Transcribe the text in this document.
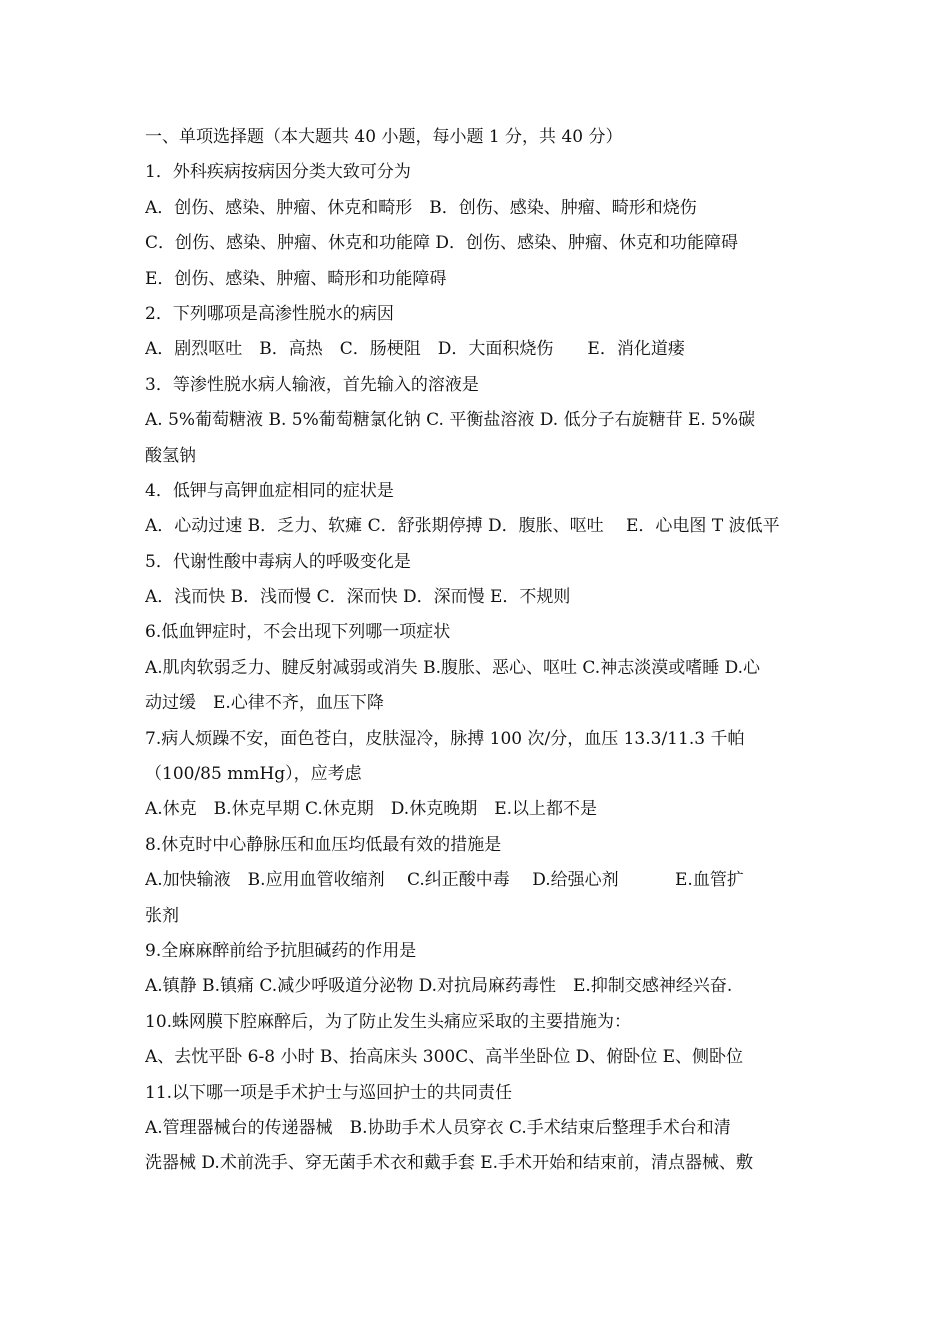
一、单项选择题（本大题共 40 小题，每小题 1 分，共 40 分）
1．外科疾病按病因分类大致可分为
A．创伤、感染、肿瘤、休克和畸形　B．创伤、感染、肿瘤、畸形和烧伤
C．创伤、感染、肿瘤、休克和功能障 D．创伤、感染、肿瘤、休克和功能障碍
E．创伤、感染、肿瘤、畸形和功能障碍
2．下列哪项是高渗性脱水的病因
A．剧烈呕吐　B．高热　C．肠梗阻　D．大面积烧伤　　E．消化道瘘
3．等渗性脱水病人输液，首先输入的溶液是
A. 5%葡萄糖液 B. 5%葡萄糖氯化钠 C. 平衡盐溶液 D. 低分子右旋糖苷 E. 5%碳
酸氢钠
4．低钾与高钾血症相同的症状是
A．心动过速 B．乏力、软瘫 C．舒张期停搏 D．腹胀、呕吐　 E．心电图 T 波低平
5．代谢性酸中毒病人的呼吸变化是
A．浅而快 B．浅而慢 C．深而快 D．深而慢 E．不规则
6.低血钾症时，不会出现下列哪一项症状
A.肌肉软弱乏力、腱反射减弱或消失 B.腹胀、恶心、呕吐 C.神志淡漠或嗜睡 D.心
动过缓　E.心律不齐，血压下降
7.病人烦躁不安，面色苍白，皮肤湿冷，脉搏 100 次/分，血压 13.3/11.3 千帕
（100/85 mmHg），应考虑
A.休克　B.休克早期 C.休克期　D.休克晚期　E.以上都不是
8.休克时中心静脉压和血压均低最有效的措施是
A.加快输液　B.应用血管收缩剂　 C.纠正酸中毒　 D.给强心剂　　　 E.血管扩
张剂
9.全麻麻醉前给予抗胆碱药的作用是
A.镇静 B.镇痛 C.减少呼吸道分泌物 D.对抗局麻药毒性　E.抑制交感神经兴奋.
10.蛛网膜下腔麻醉后，为了防止发生头痛应采取的主要措施为：
A、去忱平卧 6-8 小时 B、抬高床头 300C、高半坐卧位 D、俯卧位 E、侧卧位
11.以下哪一项是手术护士与巡回护士的共同责任
A.管理器械台的传递器械　B.协助手术人员穿衣 C.手术结束后整理手术台和清
洗器械 D.术前洗手、穿无菌手术衣和戴手套 E.手术开始和结束前，清点器械、敷
